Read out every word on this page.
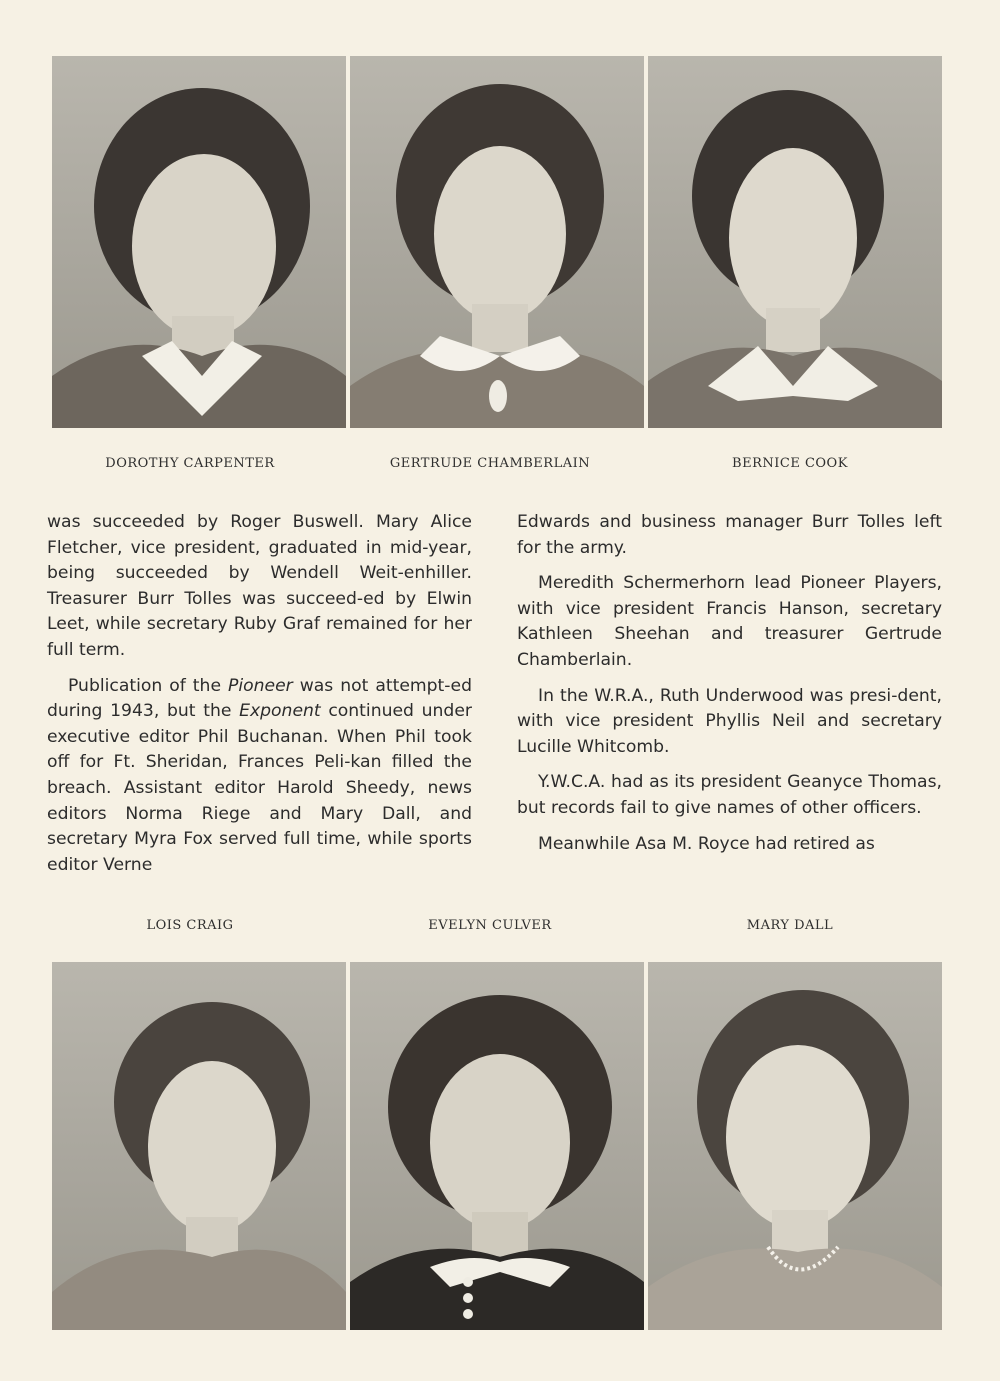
DOROTHY CARPENTER	GERTRUDE CHAMBERLAIN	BERNICE COOK

was succeeded by Roger Buswell. Mary Alice Fletcher, vice president, graduated in mid-year, being succeeded by Wendell Weit-enhiller. Treasurer Burr Tolles was succeed-ed by Elwin Leet, while secretary Ruby Graf remained for her full term.

Publication of the Pioneer was not attempt-ed during 1943, but the Exponent continued under executive editor Phil Buchanan. When Phil took off for Ft. Sheridan, Frances Peli-kan filled the breach. Assistant editor Harold Sheedy, news editors Norma Riege and Mary Dall, and secretary Myra Fox served full time, while sports editor Verne

Edwards and business manager Burr Tolles left for the army.

Meredith Schermerhorn lead Pioneer Players, with vice president Francis Hanson, secretary Kathleen Sheehan and treasurer Gertrude Chamberlain.

In the W.R.A., Ruth Underwood was presi-dent, with vice president Phyllis Neil and secretary Lucille Whitcomb.

Y.W.C.A. had as its president Geanyce Thomas, but records fail to give names of other officers.

Meanwhile Asa M. Royce had retired as

LOIS CRAIG	EVELYN CULVER	MARY DALL
